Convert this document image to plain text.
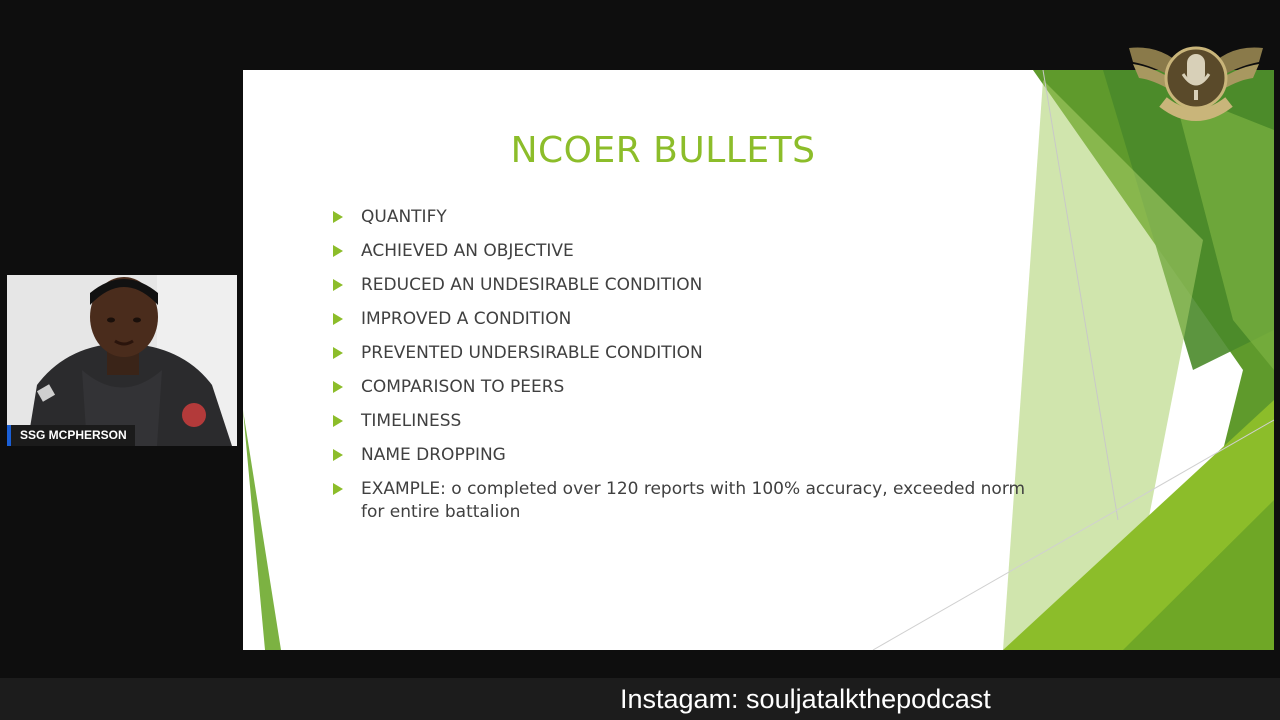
NCOER BULLETS
QUANTIFY
ACHIEVED AN OBJECTIVE
REDUCED AN UNDESIRABLE CONDITION
IMPROVED A CONDITION
PREVENTED UNDERSIRABLE CONDITION
COMPARISON TO PEERS
TIMELINESS
NAME DROPPING
EXAMPLE: o completed over 120 reports with 100% accuracy, exceeded norm for entire battalion
SSG MCPHERSON
Instagam: souljatalkthepodcast
